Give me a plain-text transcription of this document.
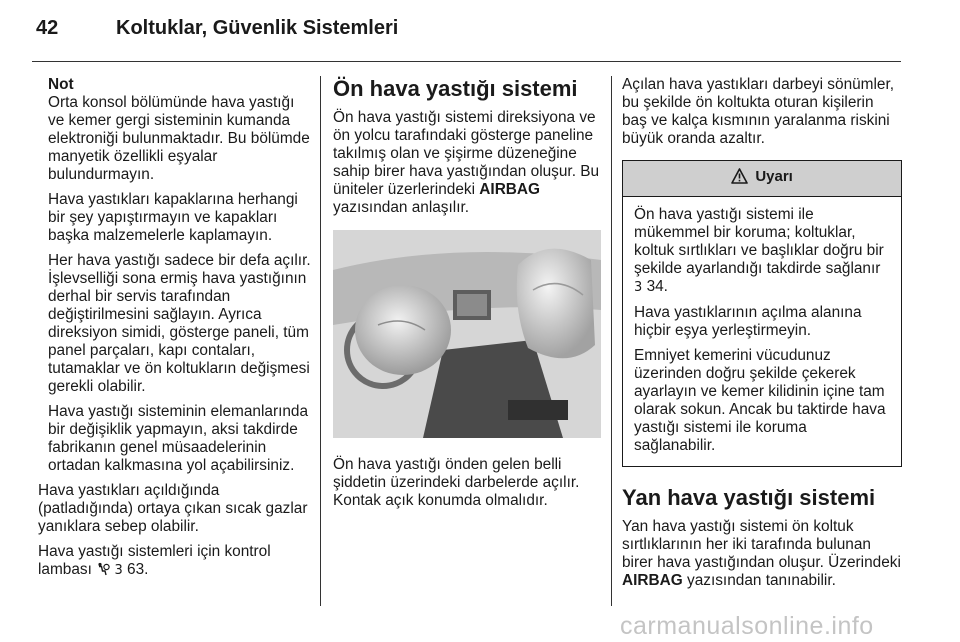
42	Koltuklar, Güvenlik Sistemleri

Not

Orta konsol bölümünde hava yastığı ve kemer gergi sisteminin kumanda elektroniği bulunmaktadır. Bu bölümde manyetik özellikli eşyalar bulundurmayın.

Hava yastıkları kapaklarına herhangi bir şey yapıştırmayın ve kapakları başka malzemelerle kaplamayın.

Her hava yastığı sadece bir defa açılır. İşlevselliği sona ermiş hava yastığının derhal bir servis tarafından değiştirilmesini sağlayın. Ayrıca direksiyon simidi, gösterge paneli, tüm panel parçaları, kapı contaları, tutamaklar ve ön koltukların değişmesi gerekli olabilir.

Hava yastığı sisteminin elemanlarında bir değişiklik yapmayın, aksi takdirde fabrikanın genel müsaadelerinin ortadan kalkmasına yol açabilirsiniz.

Hava yastıkları açıldığında (patladığında) ortaya çıkan sıcak gazlar yanıklara sebep olabilir.

Hava yastığı sistemleri için kontrol lambası 3 63.

Ön hava yastığı sistemi

Ön hava yastığı sistemi direksiyona ve ön yolcu tarafındaki gösterge paneline takılmış olan ve şişirme düzeneğine sahip birer hava yastığından oluşur. Bu üniteler üzerlerindeki AIRBAG yazısından anlaşılır.

Ön hava yastığı önden gelen belli şiddetin üzerindeki darbelerde açılır. Kontak açık konumda olmalıdır.

Açılan hava yastıkları darbeyi sönümler, bu şekilde ön koltukta oturan kişilerin baş ve kalça kısmının yaralanma riskini büyük oranda azaltır.

Uyarı

Ön hava yastığı sistemi ile mükemmel bir koruma; koltuklar, koltuk sırtlıkları ve başlıklar doğru bir şekilde ayarlandığı takdirde sağlanır 3 34.

Hava yastıklarının açılma alanına hiçbir eşya yerleştirmeyin.

Emniyet kemerini vücudunuz üzerinden doğru şekilde çekerek ayarlayın ve kemer kilidinin içine tam olarak sokun. Ancak bu taktirde hava yastığı sistemi ile koruma sağlanabilir.

Yan hava yastığı sistemi

Yan hava yastığı sistemi ön koltuk sırtlıklarının her iki tarafında bulunan birer hava yastığından oluşur. Üzerindeki AIRBAG yazısından tanınabilir.

carmanualsonline.info
